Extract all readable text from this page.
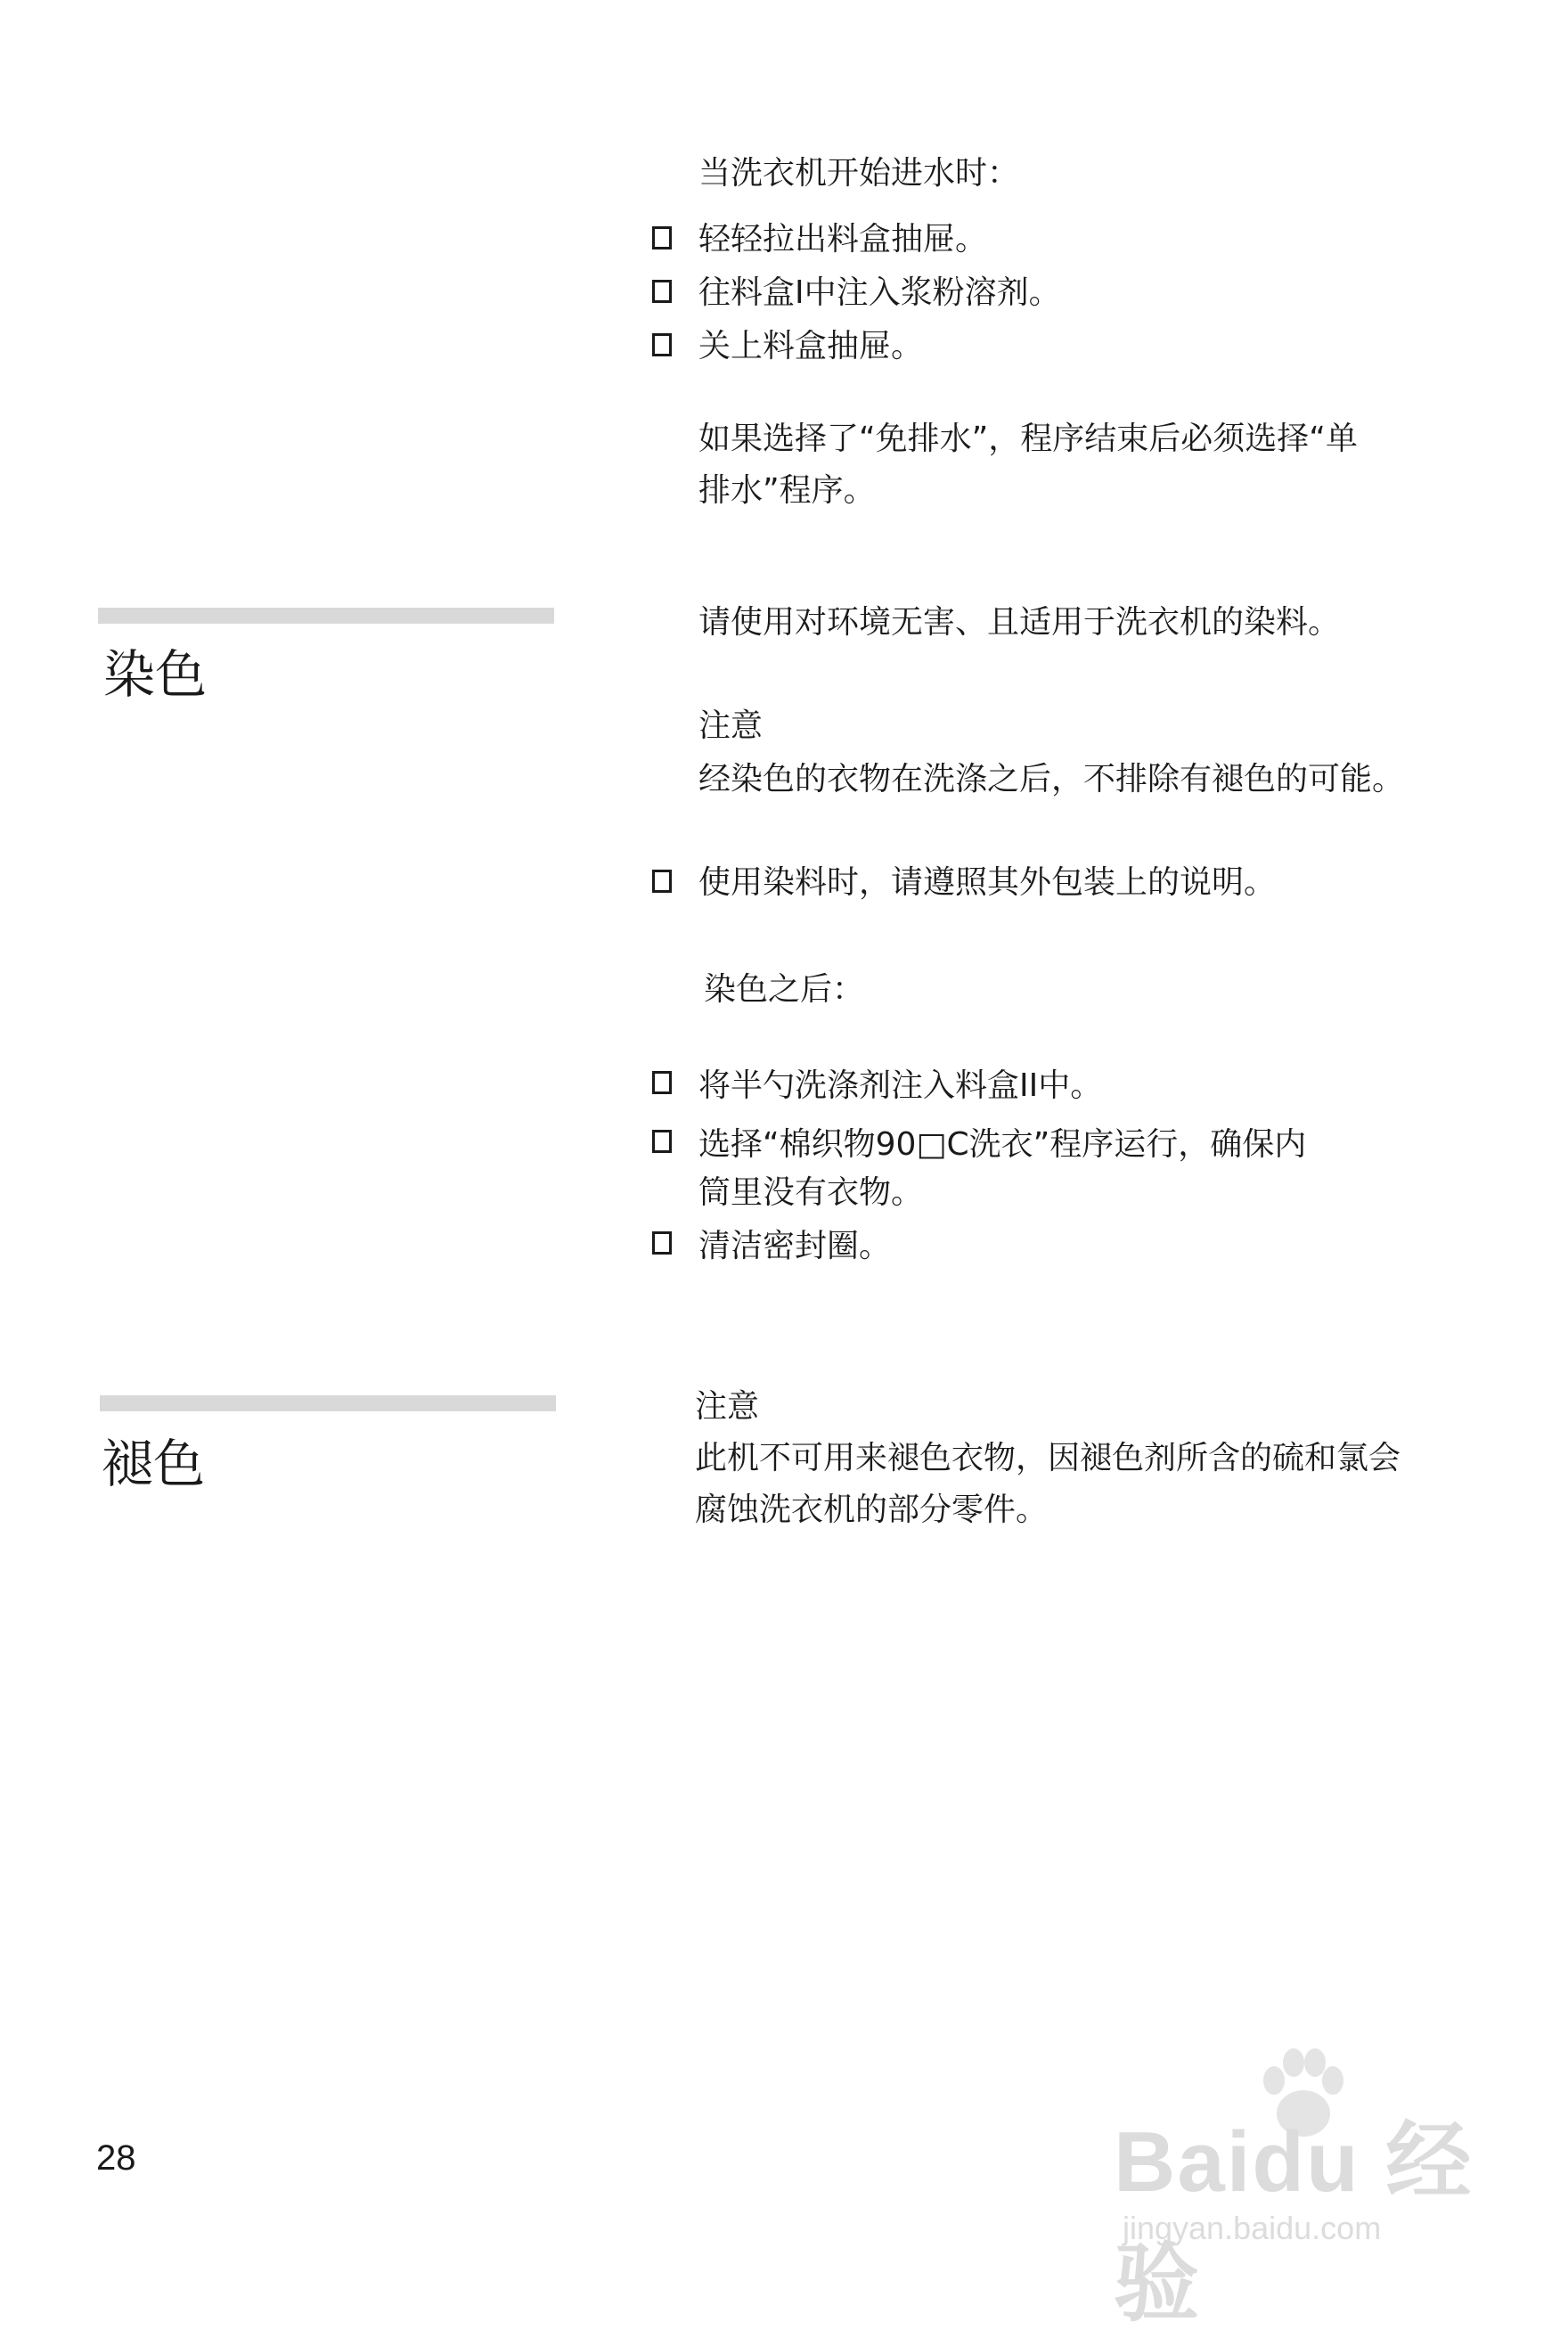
当洗衣机开始进水时：
轻轻拉出料盒抽屉。
往料盒I中注入浆粉溶剂。
关上料盒抽屉。
如果选择了“免排水”，程序结束后必须选择“单
排水”程序。
染色
请使用对环境无害、且适用于洗衣机的染料。
注意
经染色的衣物在洗涤之后，不排除有褪色的可能。
使用染料时，请遵照其外包装上的说明。
染色之后：
将半勺洗涤剂注入料盒II中。
选择“棉织物90□C洗衣”程序运行，确保内
筒里没有衣物。
清洁密封圈。
褪色
注意
此机不可用来褪色衣物，因褪色剂所含的硫和氯会
腐蚀洗衣机的部分零件。
28	Baidu 经验
jingyan.baidu.com
